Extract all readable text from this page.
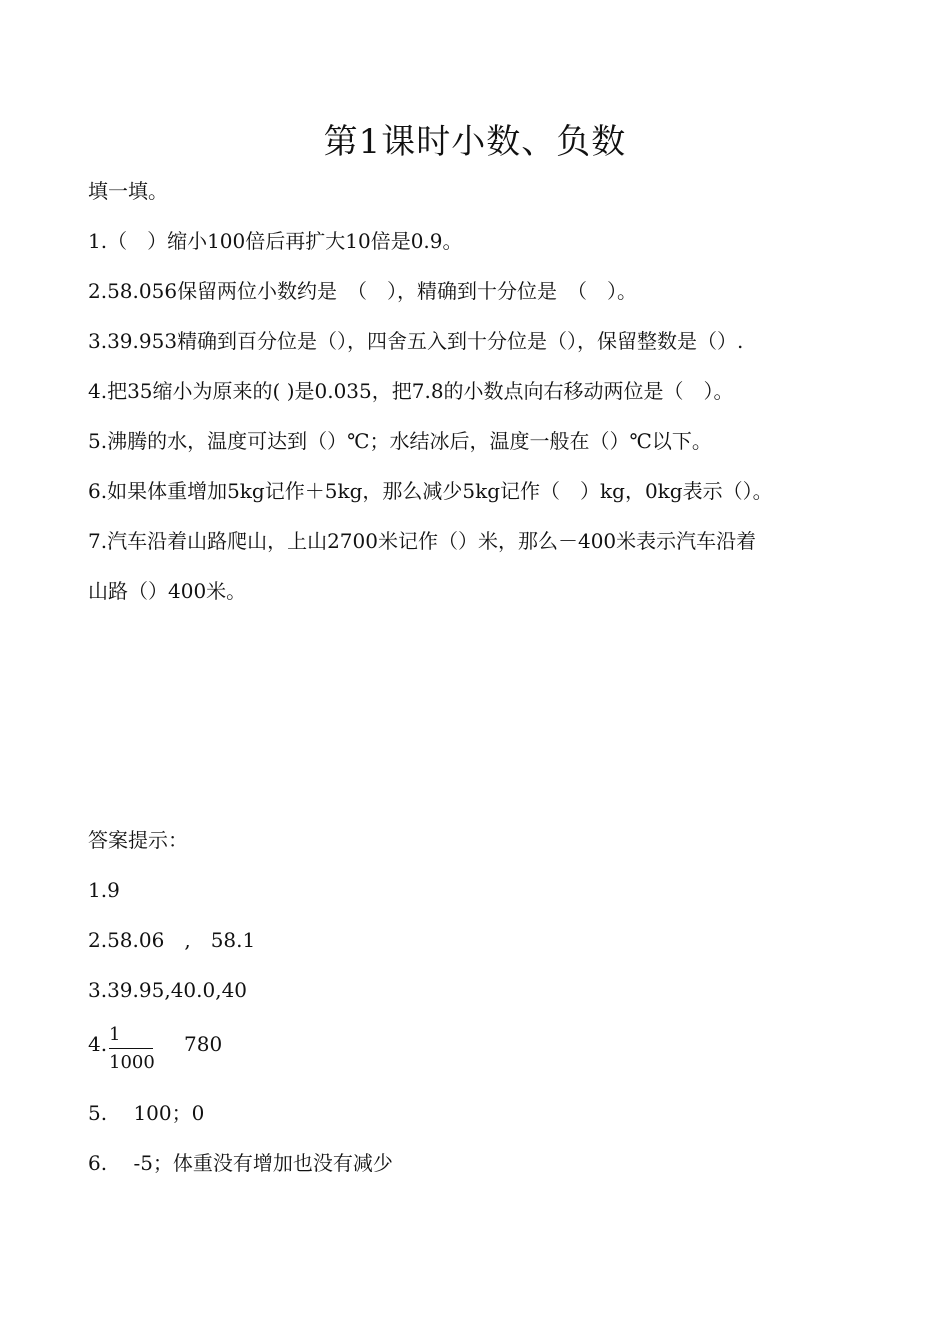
第1课时小数、负数
填一填。
1.（　）缩小100倍后再扩大10倍是0.9。
2.58.056保留两位小数约是　（　），精确到十分位是　（　）。
3.39.953精确到百分位是（），四舍五入到十分位是（），保留整数是（）.
4.把35缩小为原来的( )是0.035，把7.8的小数点向右移动两位是（　）。
5.沸腾的水，温度可达到（）℃；水结冰后，温度一般在（）℃以下。
6.如果体重增加5kg记作＋5kg，那么减少5kg记作（　）kg，0kg表示（）。
7.汽车沿着山路爬山，上山2700米记作（）米，那么－400米表示汽车沿着
山路（）400米。
答案提示：
1.9
2.58.06　,　58.1
3.39.95,40.0,40
4. 1
1000
780
5.　 100；0
6.　 -5；体重没有增加也没有减少
